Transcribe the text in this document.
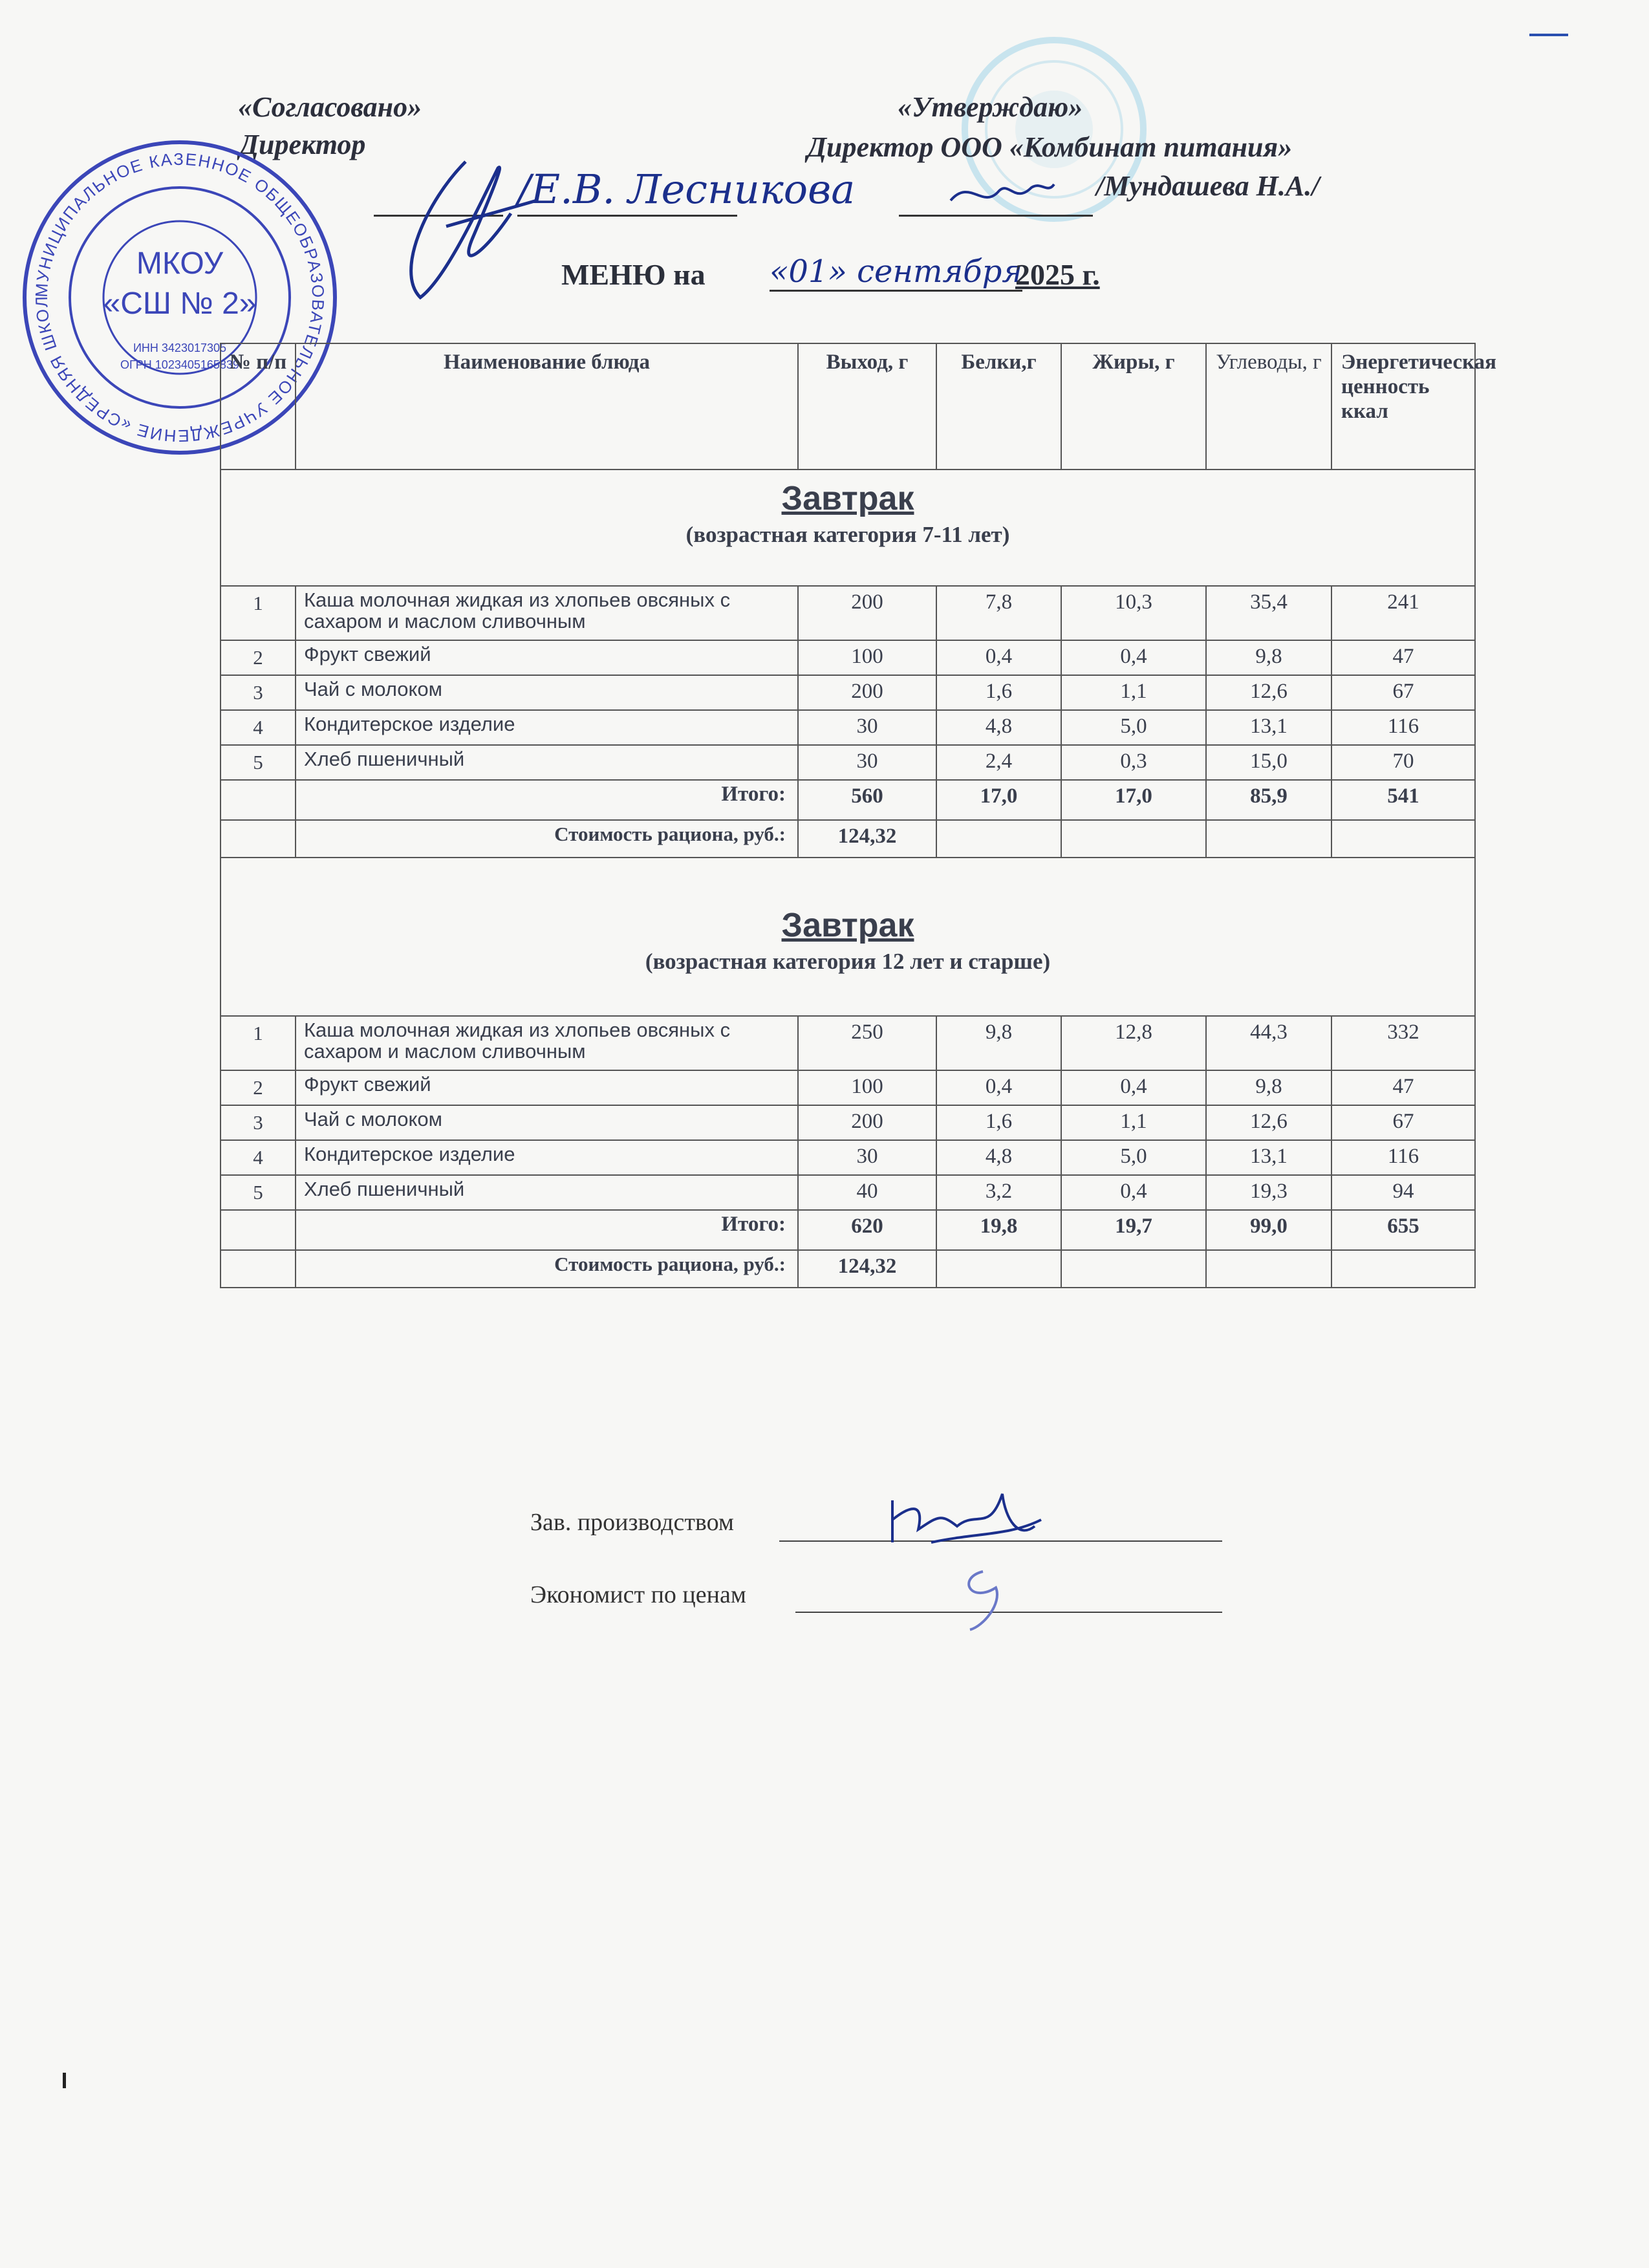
«Согласовано»
Директор
/Е.В. Лесникова
«Утверждаю»
Директор ООО «Комбинат питания»
/Мундашева Н.А./
МУНИЦИПАЛЬНОЕ КАЗЕННОЕ ОБЩЕОБРАЗОВАТЕЛЬНОЕ УЧРЕЖДЕНИЕ «СРЕДНЯЯ ШКОЛ
МКОУ
«СШ № 2»
ИНН 3423017305
ОГРН 1023405165839
МЕНЮ на «01» сентября
2025 г.
№ п/п	Наименование блюда	Выход, г	Белки,г	Жиры, г	Углеводы, г	Энергетическая ценность ккал

Завтрак
(возрастная категория 7-11 лет)						

1	Каша молочная жидкая из хлопьев овсяных с сахаром и маслом сливочным	200	7,8	10,3	35,4	241
2	Фрукт свежий	100	0,4	0,4	9,8	47
3	Чай с молоком	200	1,6	1,1	12,6	67
4	Кондитерское изделие	30	4,8	5,0	13,1	116
5	Хлеб пшеничный	30	2,4	0,3	15,0	70
	Итого:	560	17,0	17,0	85,9	541
	Стоимость рациона, руб.:	124,32				

Завтрак
(возрастная категория 12 лет и старше)						

1	Каша молочная жидкая из хлопьев овсяных с сахаром и маслом сливочным	250	9,8	12,8	44,3	332
2	Фрукт свежий	100	0,4	0,4	9,8	47
3	Чай с молоком	200	1,6	1,1	12,6	67
4	Кондитерское изделие	30	4,8	5,0	13,1	116
5	Хлеб пшеничный	40	3,2	0,4	19,3	94
	Итого:	620	19,8	19,7	99,0	655
	Стоимость рациона, руб.:	124,32				
Зав. производством
Экономист по ценам
